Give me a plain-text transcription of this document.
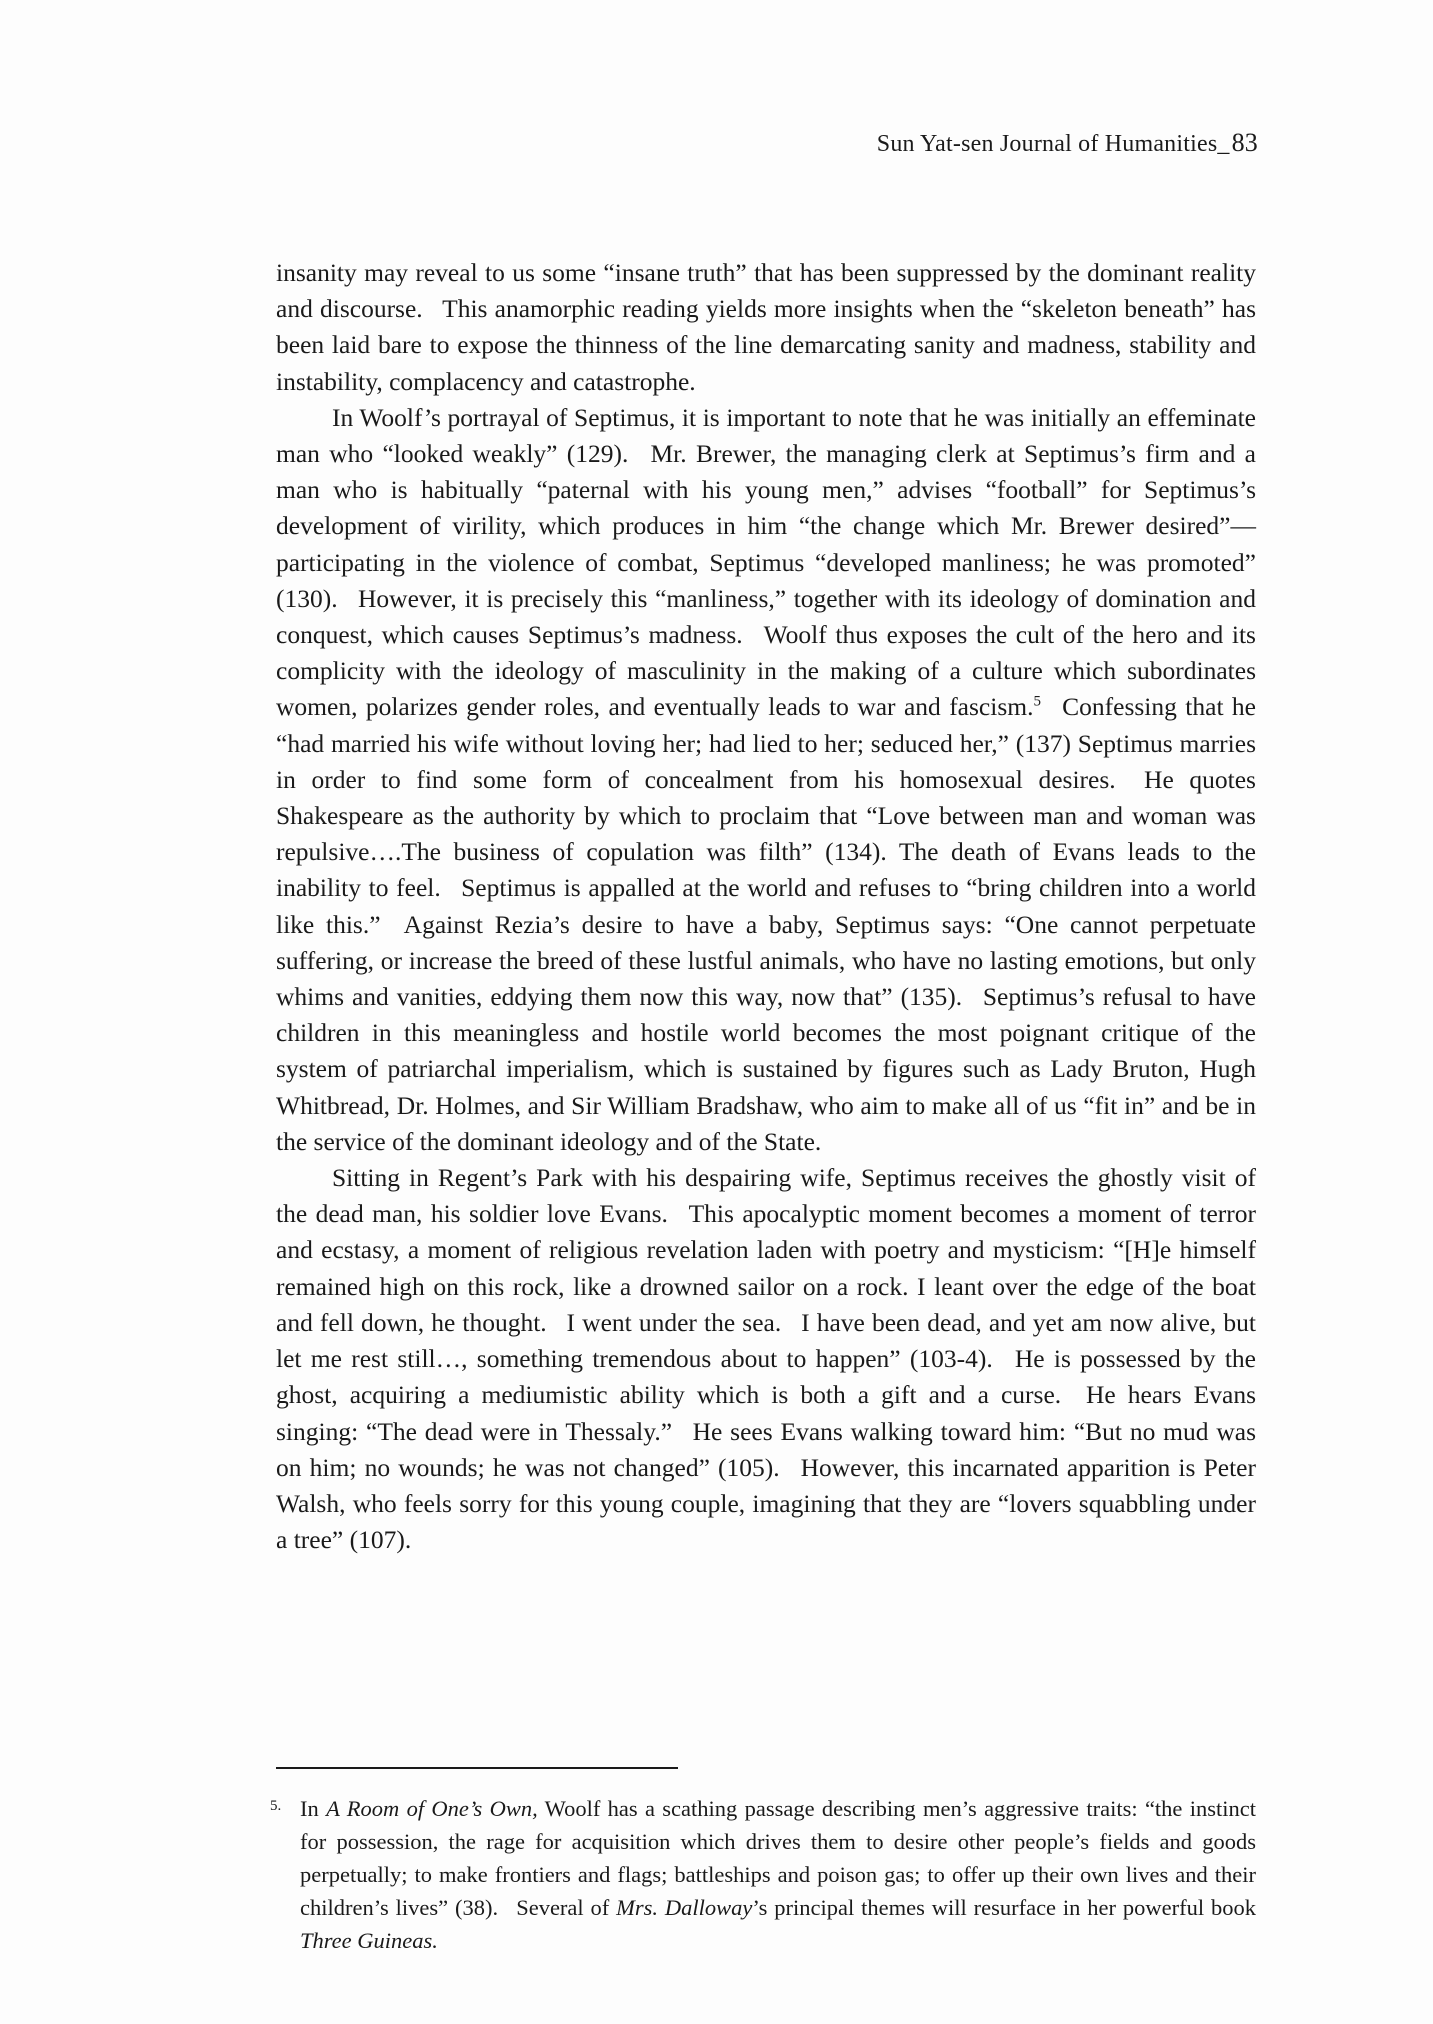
Sun Yat-sen Journal of Humanities_83

insanity may reveal to us some “insane truth” that has been suppressed by the dominant reality and discourse.  This anamorphic reading yields more insights when the “skeleton beneath” has been laid bare to expose the thinness of the line demarcating sanity and madness, stability and instability, complacency and catastrophe.

In Woolf’s portrayal of Septimus, it is important to note that he was initially an effeminate man who “looked weakly” (129).  Mr. Brewer, the managing clerk at Septimus’s firm and a man who is habitually “paternal with his young men,” advises “football” for Septimus’s development of virility, which produces in him “the change which Mr. Brewer desired”—participating in the violence of combat, Septimus “developed manliness; he was promoted” (130).  However, it is precisely this “manliness,” together with its ideology of domination and conquest, which causes Septimus’s madness.  Woolf thus exposes the cult of the hero and its complicity with the ideology of masculinity in the making of a culture which subordinates women, polarizes gender roles, and eventually leads to war and fascism.$^5$  Confessing that he “had married his wife without loving her; had lied to her; seduced her,” (137) Septimus marries in order to find some form of concealment from his homosexual desires.  He quotes Shakespeare as the authority by which to proclaim that “Love between man and woman was repulsive….The business of copulation was filth” (134). The death of Evans leads to the inability to feel.  Septimus is appalled at the world and refuses to “bring children into a world like this.”  Against Rezia’s desire to have a baby, Septimus says: “One cannot perpetuate suffering, or increase the breed of these lustful animals, who have no lasting emotions, but only whims and vanities, eddying them now this way, now that” (135).  Septimus’s refusal to have children in this meaningless and hostile world becomes the most poignant critique of the system of patriarchal imperialism, which is sustained by figures such as Lady Bruton, Hugh Whitbread, Dr. Holmes, and Sir William Bradshaw, who aim to make all of us “fit in” and be in the service of the dominant ideology and of the State.

Sitting in Regent’s Park with his despairing wife, Septimus receives the ghostly visit of the dead man, his soldier love Evans.  This apocalyptic moment becomes a moment of terror and ecstasy, a moment of religious revelation laden with poetry and mysticism: “[H]e himself remained high on this rock, like a drowned sailor on a rock. I leant over the edge of the boat and fell down, he thought.  I went under the sea.  I have been dead, and yet am now alive, but let me rest still…, something tremendous about to happen” (103-4).  He is possessed by the ghost, acquiring a mediumistic ability which is both a gift and a curse.  He hears Evans singing: “The dead were in Thessaly.”  He sees Evans walking toward him: “But no mud was on him; no wounds; he was not changed” (105).  However, this incarnated apparition is Peter Walsh, who feels sorry for this young couple, imagining that they are “lovers squabbling under a tree” (107).

5. In A Room of One’s Own, Woolf has a scathing passage describing men’s aggressive traits: “the instinct for possession, the rage for acquisition which drives them to desire other people’s fields and goods perpetually; to make frontiers and flags; battleships and poison gas; to offer up their own lives and their children’s lives” (38).  Several of Mrs. Dalloway’s principal themes will resurface in her powerful book Three Guineas.
